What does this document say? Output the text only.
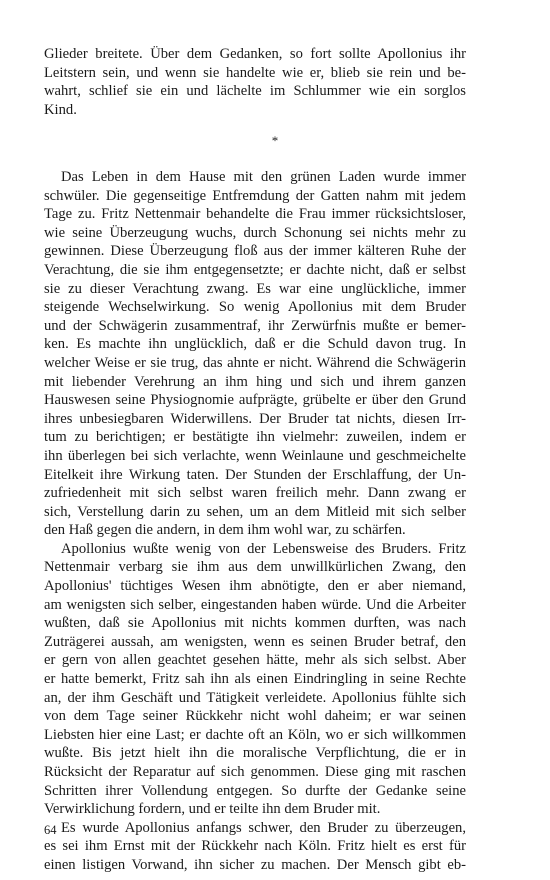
Glieder breitete. Über dem Gedanken, so fort sollte Apollonius ihr
Leitstern sein, und wenn sie handelte wie er, blieb sie rein und be-
wahrt, schlief sie ein und lächelte im Schlummer wie ein sorglos
Kind.
*
Das Leben in dem Hause mit den grünen Laden wurde immer
schwüler. Die gegenseitige Entfremdung der Gatten nahm mit jedem
Tage zu. Fritz Nettenmair behandelte die Frau immer rücksichtsloser,
wie seine Überzeugung wuchs, durch Schonung sei nichts mehr zu
gewinnen. Diese Überzeugung floß aus der immer kälteren Ruhe der
Verachtung, die sie ihm entgegensetzte; er dachte nicht, daß er selbst
sie zu dieser Verachtung zwang. Es war eine unglückliche, immer
steigende Wechselwirkung. So wenig Apollonius mit dem Bruder
und der Schwägerin zusammentraf, ihr Zerwürfnis mußte er bemer-
ken. Es machte ihn unglücklich, daß er die Schuld davon trug. In
welcher Weise er sie trug, das ahnte er nicht. Während die Schwägerin
mit liebender Verehrung an ihm hing und sich und ihrem ganzen
Hauswesen seine Physiognomie aufprägte, grübelte er über den Grund
ihres unbesiegbaren Widerwillens. Der Bruder tat nichts, diesen Irr-
tum zu berichtigen; er bestätigte ihn vielmehr: zuweilen, indem er
ihn überlegen bei sich verlachte, wenn Weinlaune und geschmeichelte
Eitelkeit ihre Wirkung taten. Der Stunden der Erschlaffung, der Un-
zufriedenheit mit sich selbst waren freilich mehr. Dann zwang er
sich, Verstellung darin zu sehen, um an dem Mitleid mit sich selber
den Haß gegen die andern, in dem ihm wohl war, zu schärfen.
Apollonius wußte wenig von der Lebensweise des Bruders. Fritz
Nettenmair verbarg sie ihm aus dem unwillkürlichen Zwang, den
Apollonius' tüchtiges Wesen ihm abnötigte, den er aber niemand,
am wenigsten sich selber, eingestanden haben würde. Und die Arbeiter
wußten, daß sie Apollonius mit nichts kommen durften, was nach
Zuträgerei aussah, am wenigsten, wenn es seinen Bruder betraf, den
er gern von allen geachtet gesehen hätte, mehr als sich selbst. Aber
er hatte bemerkt, Fritz sah ihn als einen Eindringling in seine Rechte
an, der ihm Geschäft und Tätigkeit verleidete. Apollonius fühlte sich
von dem Tage seiner Rückkehr nicht wohl daheim; er war seinen
Liebsten hier eine Last; er dachte oft an Köln, wo er sich willkommen
wußte. Bis jetzt hielt ihn die moralische Verpflichtung, die er in
Rücksicht der Reparatur auf sich genommen. Diese ging mit raschen
Schritten ihrer Vollendung entgegen. So durfte der Gedanke seine
Verwirklichung fordern, und er teilte ihn dem Bruder mit.
Es wurde Apollonius anfangs schwer, den Bruder zu überzeugen,
es sei ihm Ernst mit der Rückkehr nach Köln. Fritz hielt es erst für
einen listigen Vorwand, ihn sicher zu machen. Der Mensch gibt eb-
64
